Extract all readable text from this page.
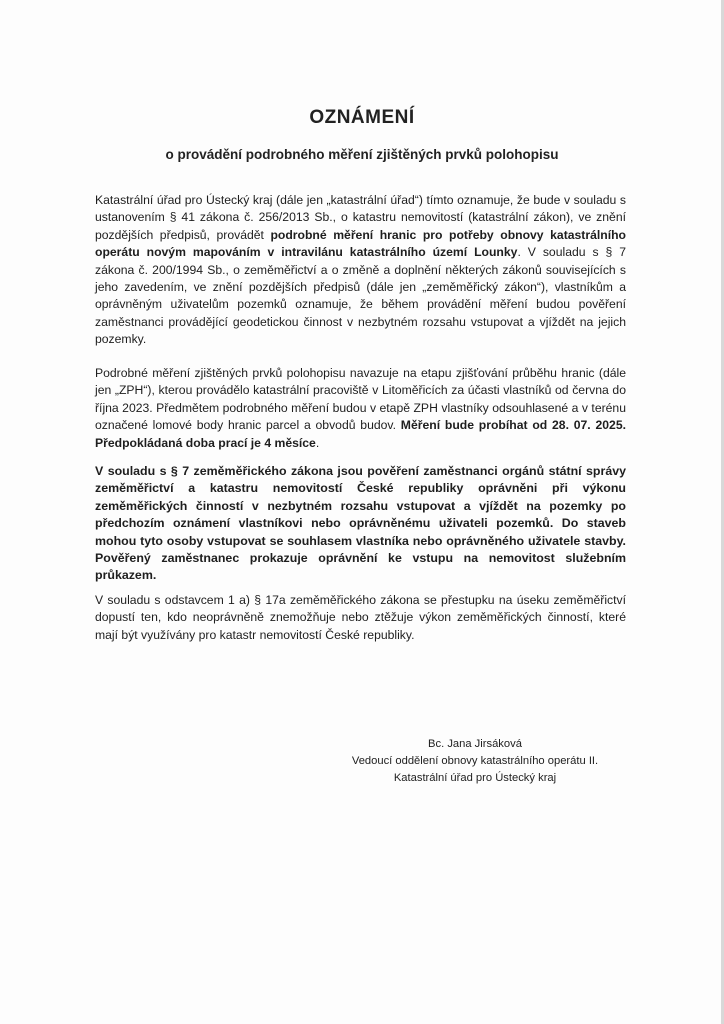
OZNÁMENÍ
o provádění podrobného měření zjištěných prvků polohopisu

Katastrální úřad pro Ústecký kraj (dále jen „katastrální úřad“) tímto oznamuje, že bude v souladu s ustanovením § 41 zákona č. 256/2013 Sb., o katastru nemovitostí (katastrální zákon), ve znění pozdějších předpisů, provádět podrobné měření hranic pro potřeby obnovy katastrálního operátu novým mapováním v intravilánu katastrálního území Lounky. V souladu s § 7 zákona č. 200/1994 Sb., o zeměměřictví a o změně a doplnění některých zákonů souvisejících s jeho zavedením, ve znění pozdějších předpisů (dále jen „zeměměřický zákon“), vlastníkům a oprávněným uživatelům pozemků oznamuje, že během provádění měření budou pověření zaměstnanci provádějící geodetickou činnost v nezbytném rozsahu vstupovat a vjíždět na jejich pozemky.

Podrobné měření zjištěných prvků polohopisu navazuje na etapu zjišťování průběhu hranic (dále jen „ZPH“), kterou provádělo katastrální pracoviště v Litoměřicích za účasti vlastníků od června do října 2023. Předmětem podrobného měření budou v etapě ZPH vlastníky odsouhlasené a v terénu označené lomové body hranic parcel a obvodů budov. Měření bude probíhat od 28. 07. 2025. Předpokládaná doba prací je 4 měsíce.

V souladu s § 7 zeměměřického zákona jsou pověření zaměstnanci orgánů státní správy zeměměřictví a katastru nemovitostí České republiky oprávněni při výkonu zeměměřických činností v nezbytném rozsahu vstupovat a vjíždět na pozemky po předchozím oznámení vlastníkovi nebo oprávněnému uživateli pozemků. Do staveb mohou tyto osoby vstupovat se souhlasem vlastníka nebo oprávněného uživatele stavby. Pověřený zaměstnanec prokazuje oprávnění ke vstupu na nemovitost služebním průkazem.

V souladu s odstavcem 1 a) § 17a zeměměřického zákona se přestupku na úseku zeměměřictví dopustí ten, kdo neoprávněně znemožňuje nebo ztěžuje výkon zeměměřických činností, které mají být využívány pro katastr nemovitostí České republiky.

Bc. Jana Jirsáková
Vedoucí oddělení obnovy katastrálního operátu II.
Katastrální úřad pro Ústecký kraj
